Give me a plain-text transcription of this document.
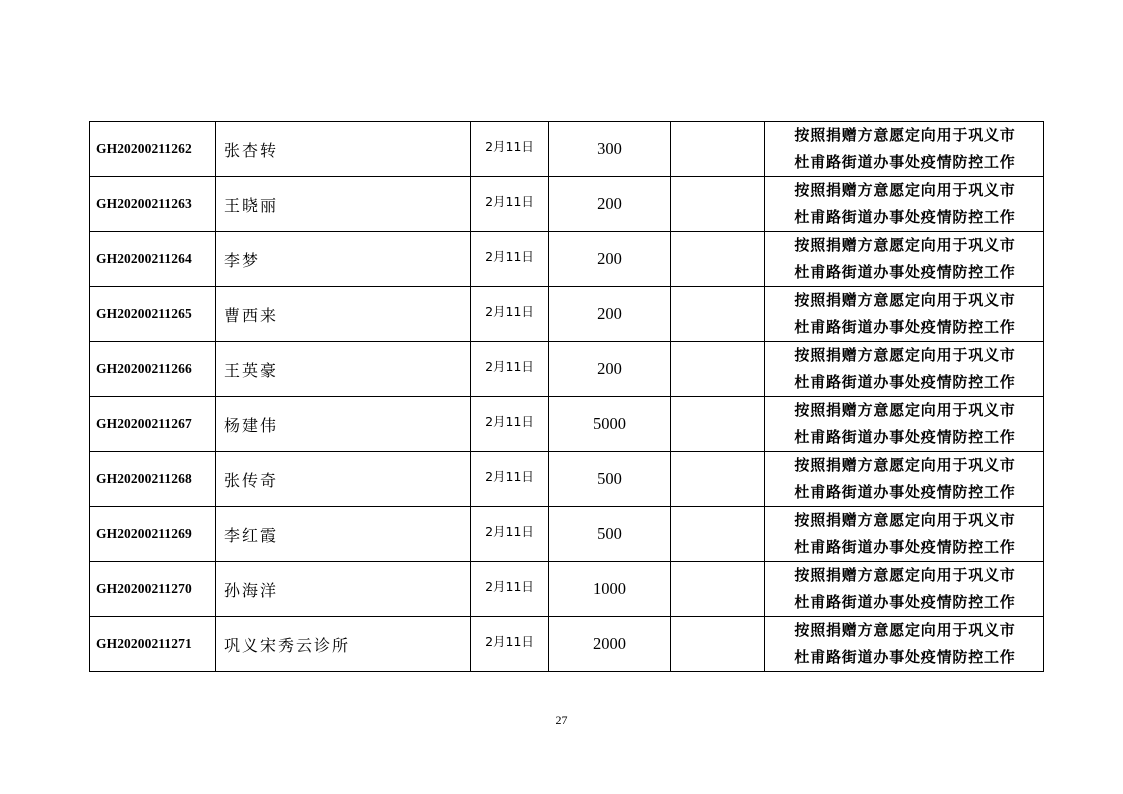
GH20200211262	张杏转	2月11日	300		按照捐赠方意愿定向用于巩义市
杜甫路街道办事处疫情防控工作

GH20200211263	王晓丽	2月11日	200		按照捐赠方意愿定向用于巩义市
杜甫路街道办事处疫情防控工作

GH20200211264	李梦	2月11日	200		按照捐赠方意愿定向用于巩义市
杜甫路街道办事处疫情防控工作

GH20200211265	曹西来	2月11日	200		按照捐赠方意愿定向用于巩义市
杜甫路街道办事处疫情防控工作

GH20200211266	王英豪	2月11日	200		按照捐赠方意愿定向用于巩义市
杜甫路街道办事处疫情防控工作

GH20200211267	杨建伟	2月11日	5000		按照捐赠方意愿定向用于巩义市
杜甫路街道办事处疫情防控工作

GH20200211268	张传奇	2月11日	500		按照捐赠方意愿定向用于巩义市
杜甫路街道办事处疫情防控工作

GH20200211269	李红霞	2月11日	500		按照捐赠方意愿定向用于巩义市
杜甫路街道办事处疫情防控工作

GH20200211270	孙海洋	2月11日	1000		按照捐赠方意愿定向用于巩义市
杜甫路街道办事处疫情防控工作

GH20200211271	巩义宋秀云诊所	2月11日	2000		按照捐赠方意愿定向用于巩义市
杜甫路街道办事处疫情防控工作
27
